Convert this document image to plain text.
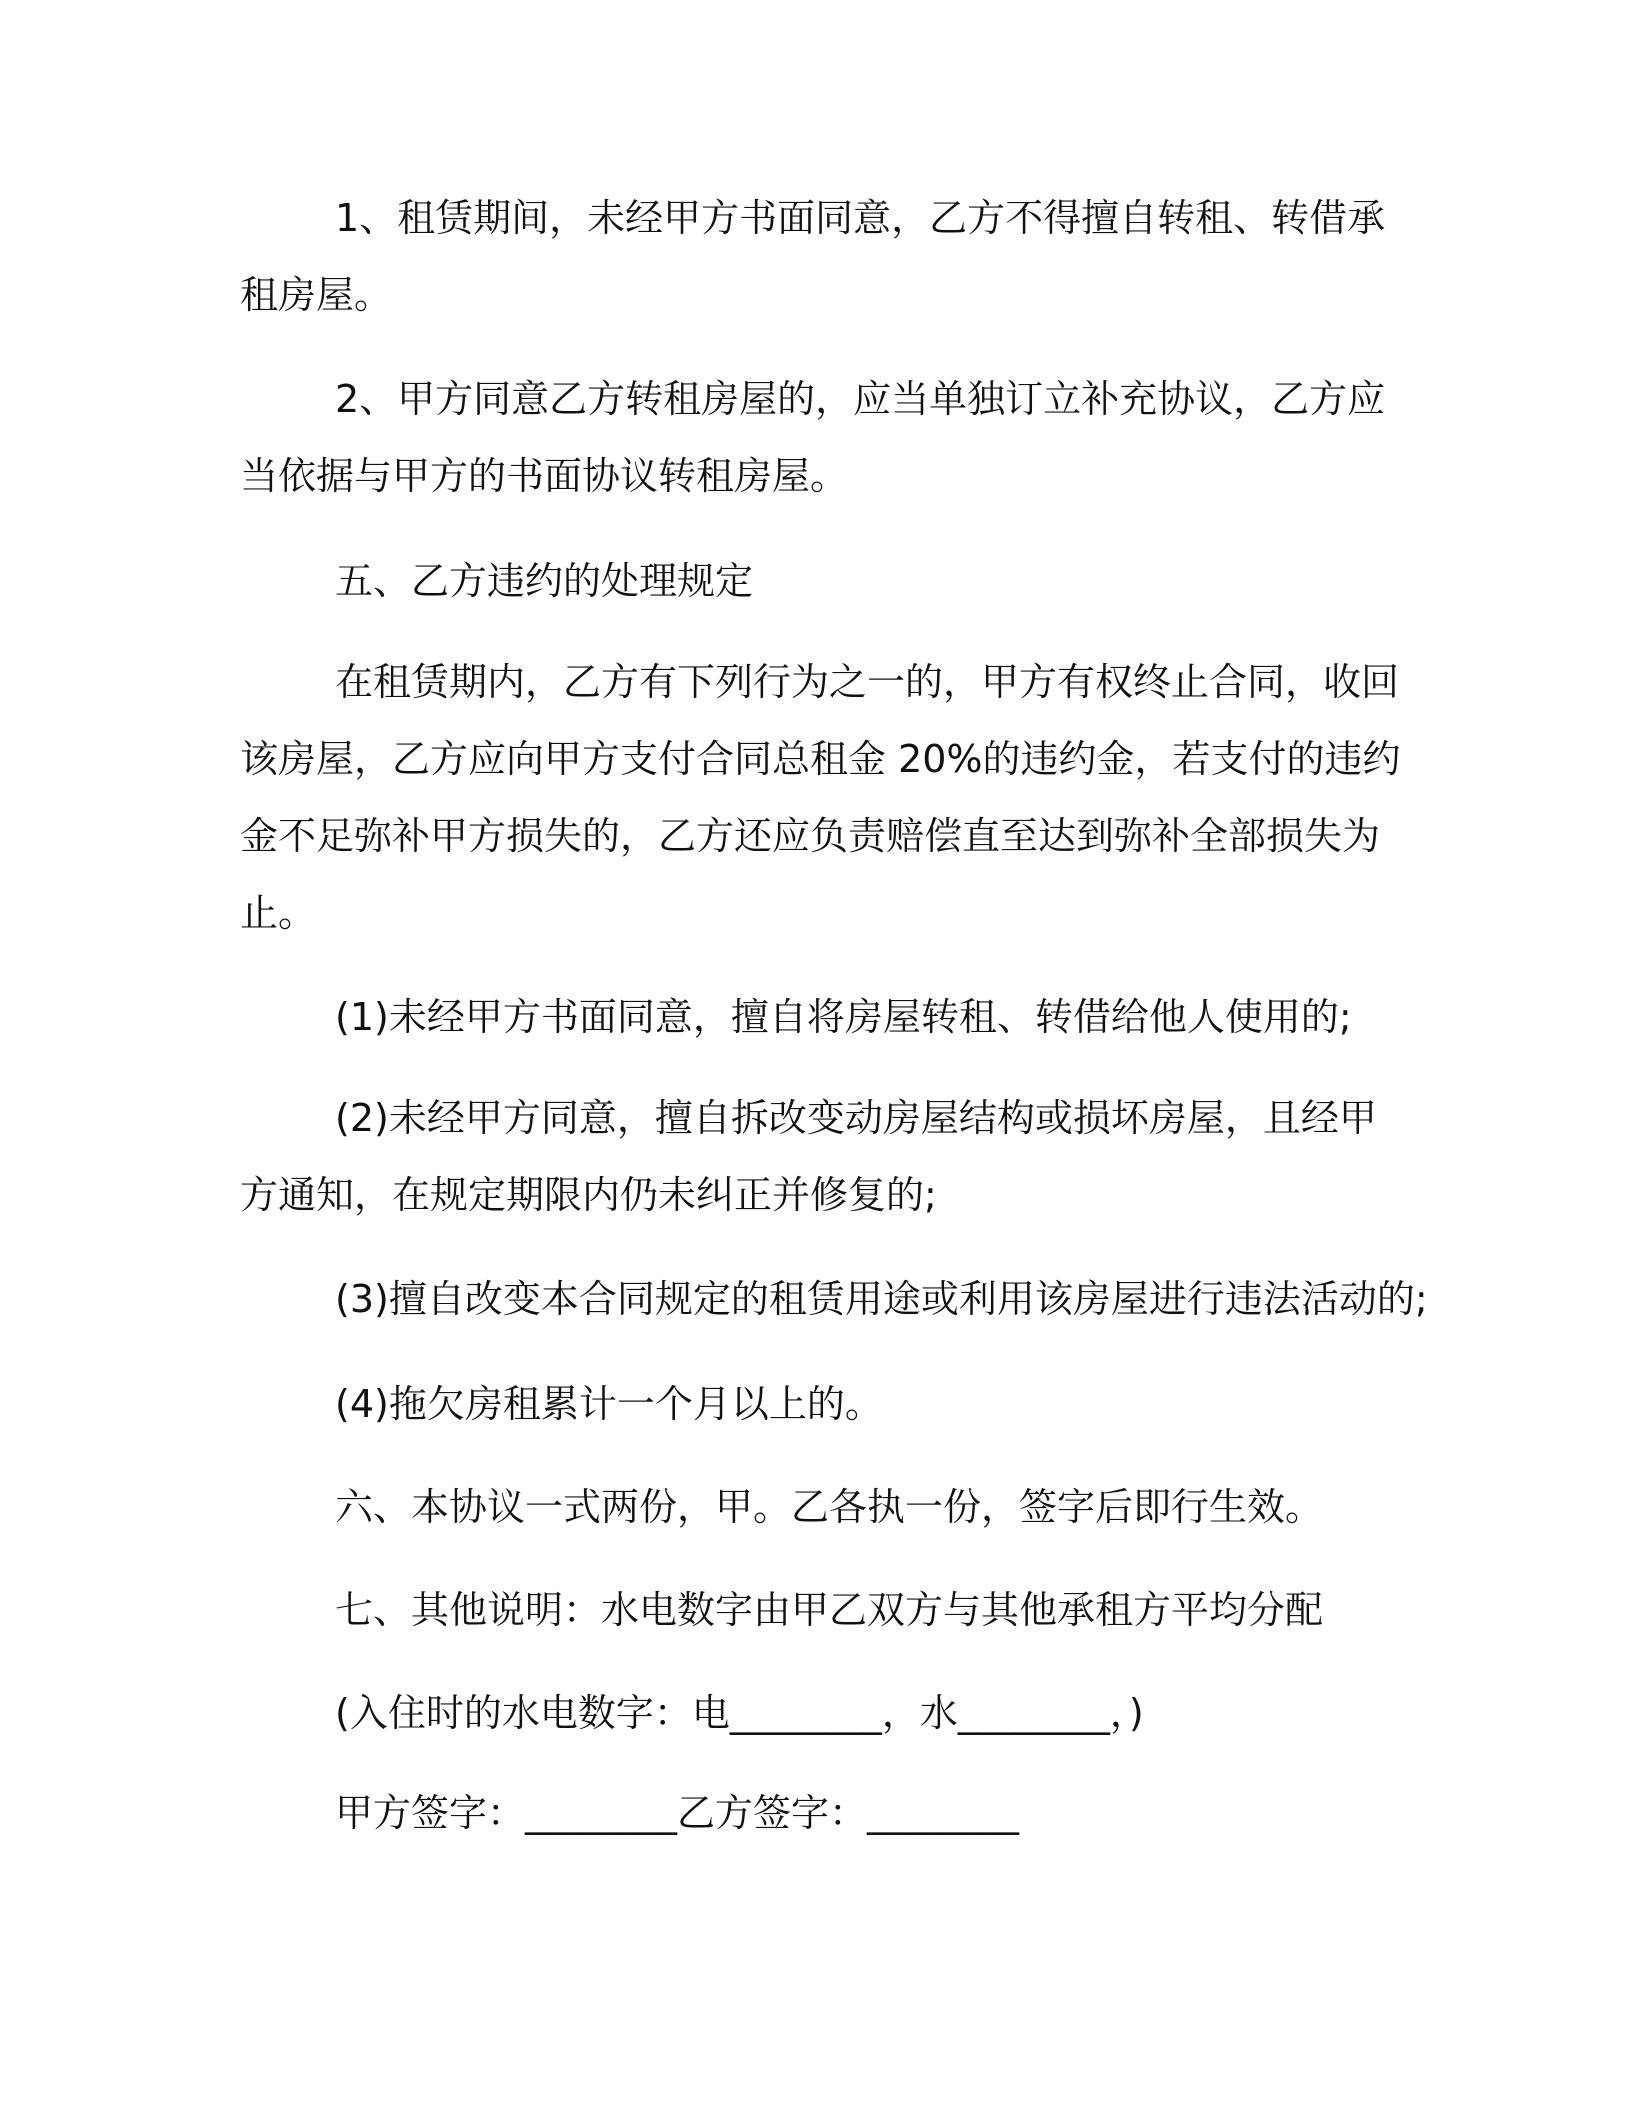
1、租赁期间，未经甲方书面同意，乙方不得擅自转租、转借承租房屋。

2、甲方同意乙方转租房屋的，应当单独订立补充协议，乙方应当依据与甲方的书面协议转租房屋。

五、乙方违约的处理规定

在租赁期内，乙方有下列行为之一的，甲方有权终止合同，收回该房屋，乙方应向甲方支付合同总租金 20%的违约金，若支付的违约金不足弥补甲方损失的，乙方还应负责赔偿直至达到弥补全部损失为止。

(1)未经甲方书面同意，擅自将房屋转租、转借给他人使用的;

(2)未经甲方同意，擅自拆改变动房屋结构或损坏房屋，且经甲方通知，在规定期限内仍未纠正并修复的;

(3)擅自改变本合同规定的租赁用途或利用该房屋进行违法活动的;

(4)拖欠房租累计一个月以上的。

六、本协议一式两份，甲。乙各执一份，签字后即行生效。

七、其他说明：水电数字由甲乙双方与其他承租方平均分配

(入住时的水电数字：电________，水________，)

甲方签字：________乙方签字：________
